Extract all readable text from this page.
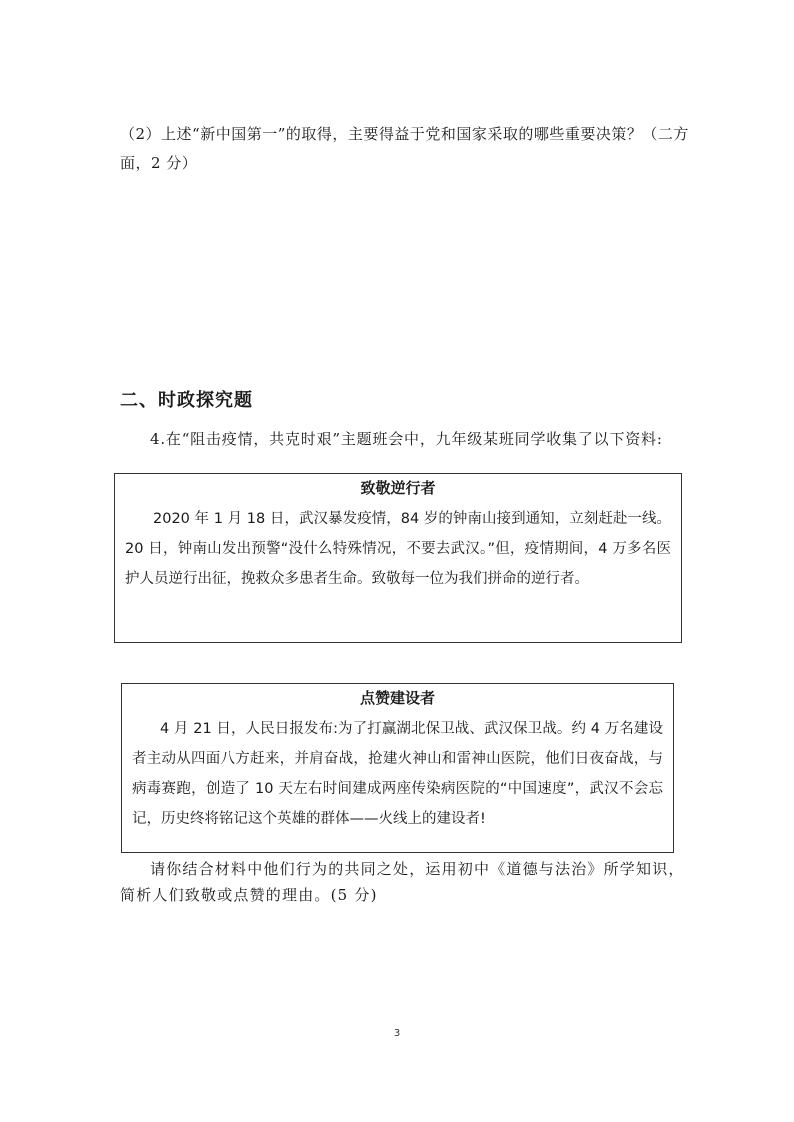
（2）上述“新中国第一”的取得，主要得益于党和国家采取的哪些重要决策？（二方面，2 分）

二、时政探究题

4.在“阻击疫情，共克时艰”主题班会中，九年级某班同学收集了以下资料:

致敬逆行者

2020 年 1 月 18 日，武汉暴发疫情，84 岁的钟南山接到通知，立刻赶赴一线。20 日，钟南山发出预警“没什么特殊情况，不要去武汉。”但，疫情期间，4 万多名医护人员逆行出征，挽救众多患者生命。致敬每一位为我们拼命的逆行者。

点赞建设者

4 月 21 日，人民日报发布:为了打赢湖北保卫战、武汉保卫战。约 4 万名建设者主动从四面八方赶来，并肩奋战，抢建火神山和雷神山医院，他们日夜奋战，与病毒赛跑，创造了 10 天左右时间建成两座传染病医院的“中国速度”，武汉不会忘记，历史终将铭记这个英雄的群体——火线上的建设者!

请你结合材料中他们行为的共同之处，运用初中《道德与法治》所学知识，简析人们致敬或点赞的理由。(5 分)

3
